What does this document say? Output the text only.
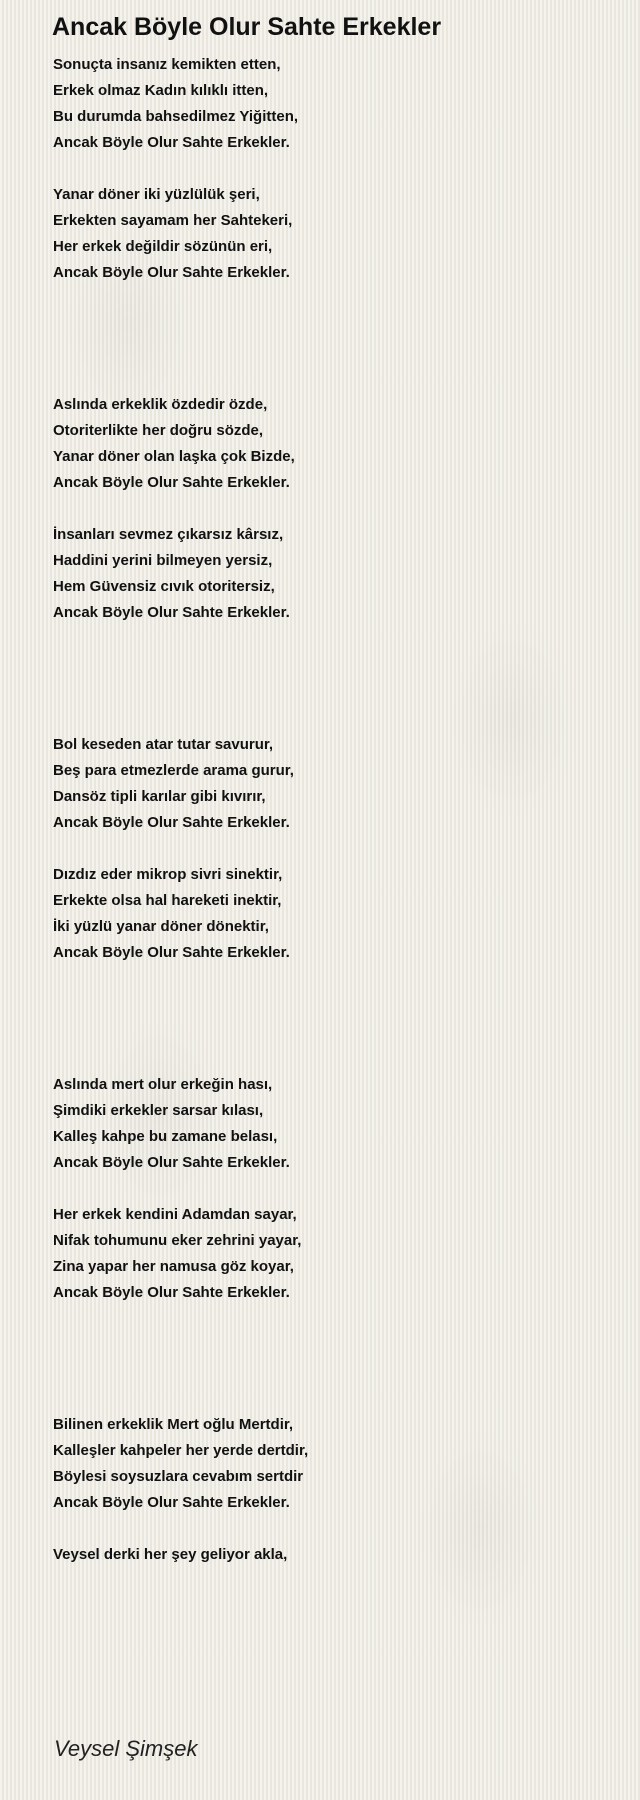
Ancak Böyle Olur Sahte Erkekler
Sonuçta insanız kemikten etten,
Erkek olmaz Kadın kılıklı itten,
Bu durumda bahsedilmez Yiğitten,
Ancak Böyle Olur Sahte Erkekler.
Yanar döner iki yüzlülük şeri,
Erkekten sayamam her Sahtekeri,
Her erkek değildir sözünün eri,
Ancak Böyle Olur Sahte Erkekler.
Aslında erkeklik özdedir özde,
Otoriterlikte her doğru sözde,
Yanar döner olan laşka çok Bizde,
Ancak Böyle Olur Sahte Erkekler.
İnsanları sevmez çıkarsız kârsız,
Haddini yerini bilmeyen yersiz,
Hem Güvensiz cıvık otoritersiz,
Ancak Böyle Olur Sahte Erkekler.
Bol keseden atar tutar savurur,
Beş para etmezlerde arama gurur,
Dansöz tipli karılar gibi kıvırır,
Ancak Böyle Olur Sahte Erkekler.
Dızdız eder mikrop sivri sinektir,
Erkekte olsa hal hareketi inektir,
İki yüzlü yanar döner dönektir,
Ancak Böyle Olur Sahte Erkekler.
Aslında mert olur erkeğin hası,
Şimdiki erkekler sarsar kılası,
Kalleş kahpe bu zamane belası,
Ancak Böyle Olur Sahte Erkekler.
Her erkek kendini Adamdan sayar,
Nifak tohumunu eker zehrini yayar,
Zina yapar her namusa göz koyar,
Ancak Böyle Olur Sahte Erkekler.
Bilinen erkeklik Mert oğlu Mertdir,
Kalleşler kahpeler her yerde dertdir,
Böylesi soysuzlara cevabım sertdir
Ancak Böyle Olur Sahte Erkekler.
Veysel derki her şey geliyor akla,
Veysel Şimşek
